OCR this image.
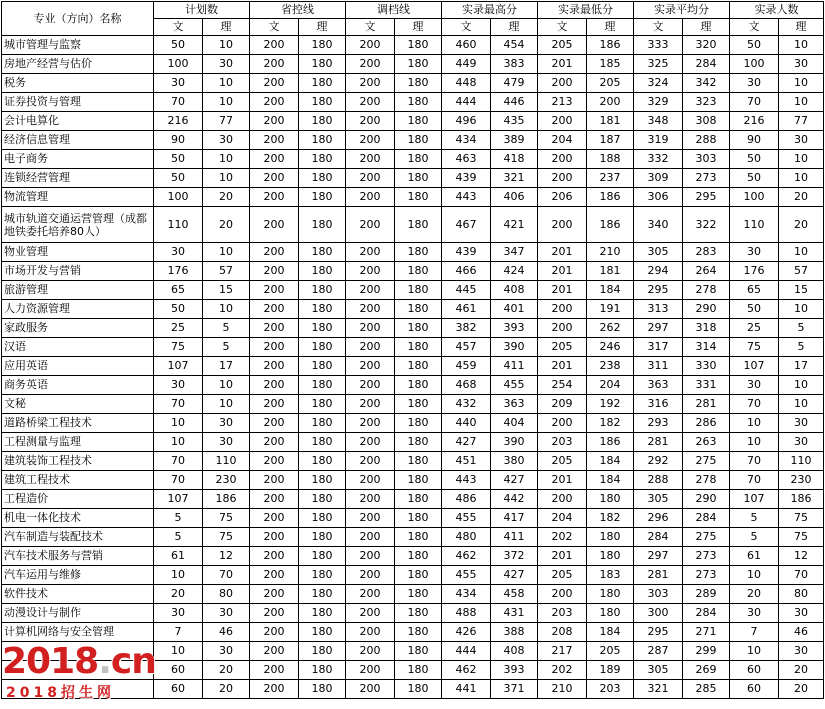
专业（方向）名称	计划数		省控线		调档线		实录最高分		实录最低分		实录平均分		实录人数	
	文	理	文	理	文	理	文	理	文	理	文	理	文	理
城市管理与监察	50	10	200	180	200	180	460	454	205	186	333	320	50	10
房地产经营与估价	100	30	200	180	200	180	449	383	201	185	325	284	100	30
税务	30	10	200	180	200	180	448	479	200	205	324	342	30	10
证券投资与管理	70	10	200	180	200	180	444	446	213	200	329	323	70	10
会计电算化	216	77	200	180	200	180	496	435	200	181	348	308	216	77
经济信息管理	90	30	200	180	200	180	434	389	204	187	319	288	90	30
电子商务	50	10	200	180	200	180	463	418	200	188	332	303	50	10
连锁经营管理	50	10	200	180	200	180	439	321	200	237	309	273	50	10
物流管理	100	20	200	180	200	180	443	406	206	186	306	295	100	20
城市轨道交通运营管理（成都地铁委托培养80人）	110	20	200	180	200	180	467	421	200	186	340	322	110	20
物业管理	30	10	200	180	200	180	439	347	201	210	305	283	30	10
市场开发与营销	176	57	200	180	200	180	466	424	201	181	294	264	176	57
旅游管理	65	15	200	180	200	180	445	408	201	184	295	278	65	15
人力资源管理	50	10	200	180	200	180	461	401	200	191	313	290	50	10
家政服务	25	5	200	180	200	180	382	393	200	262	297	318	25	5
汉语	75	5	200	180	200	180	457	390	205	246	317	314	75	5
应用英语	107	17	200	180	200	180	459	411	201	238	311	330	107	17
商务英语	30	10	200	180	200	180	468	455	254	204	363	331	30	10
文秘	70	10	200	180	200	180	432	363	209	192	316	281	70	10
道路桥梁工程技术	10	30	200	180	200	180	440	404	200	182	293	286	10	30
工程测量与监理	10	30	200	180	200	180	427	390	203	186	281	263	10	30
建筑装饰工程技术	70	110	200	180	200	180	451	380	205	184	292	275	70	110
建筑工程技术	70	230	200	180	200	180	443	427	201	184	288	278	70	230
工程造价	107	186	200	180	200	180	486	442	200	180	305	290	107	186
机电一体化技术	5	75	200	180	200	180	455	417	204	182	296	284	5	75
汽车制造与装配技术	5	75	200	180	200	180	480	411	202	180	284	275	5	75
汽车技术服务与营销	61	12	200	180	200	180	462	372	201	180	297	273	61	12
汽车运用与维修	10	70	200	180	200	180	455	427	205	183	281	273	10	70
软件技术	20	80	200	180	200	180	434	458	200	180	303	289	20	80
动漫设计与制作	30	30	200	180	200	180	488	431	203	180	300	284	30	30
计算机网络与安全管理	7	46	200	180	200	180	426	388	208	184	295	271	7	46
	10	30	200	180	200	180	444	408	217	205	287	299	10	30
	60	20	200	180	200	180	462	393	202	189	305	269	60	20
	60	20	200	180	200	180	441	371	210	203	321	285	60	20
2018.cn
2018招生网
